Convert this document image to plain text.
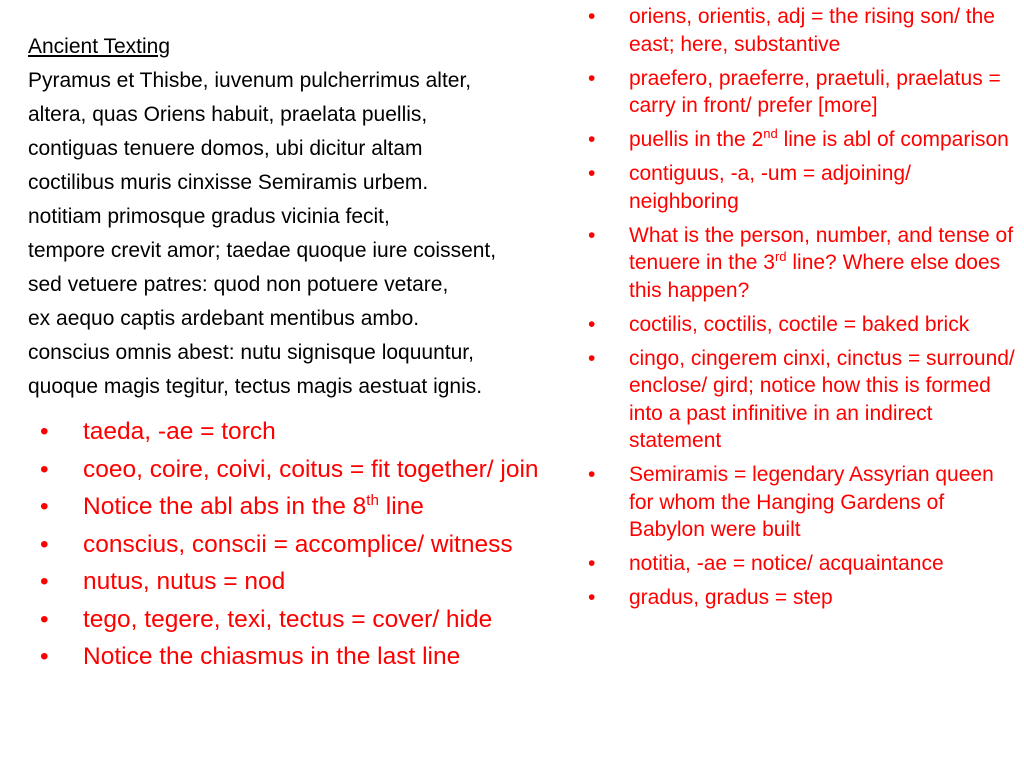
Ancient Texting
Pyramus et Thisbe, iuvenum pulcherrimus alter,
altera, quas Oriens habuit, praelata puellis,
contiguas tenuere domos, ubi dicitur altam
coctilibus muris cinxisse Semiramis urbem.
notitiam primosque gradus vicinia fecit,
tempore crevit amor; taedae quoque iure coissent,
sed vetuere patres: quod non potuere vetare,
ex aequo captis ardebant mentibus ambo.
conscius omnis abest: nutu signisque loquuntur,
quoque magis tegitur, tectus magis aestuat ignis.
• taeda, -ae = torch
• coeo, coire, coivi, coitus = fit together/ join
• Notice the abl abs in the 8th line
• conscius, conscii = accomplice/ witness
• nutus, nutus = nod
• tego, tegere, texi, tectus = cover/ hide
• Notice the chiasmus in the last line
• oriens, orientis, adj = the rising son/ the east; here, substantive
• praefero, praeferre, praetuli, praelatus = carry in front/ prefer [more]
• puellis in the 2nd line is abl of comparison
• contiguus, -a, -um = adjoining/ neighboring
• What is the person, number, and tense of tenuere in the 3rd line? Where else does this happen?
• coctilis, coctilis, coctile = baked brick
• cingo, cingerem cinxi, cinctus = surround/ enclose/ gird; notice how this is formed into a past infinitive in an indirect statement
• Semiramis = legendary Assyrian queen for whom the Hanging Gardens of Babylon were built
• notitia, -ae = notice/ acquaintance
• gradus, gradus = step
